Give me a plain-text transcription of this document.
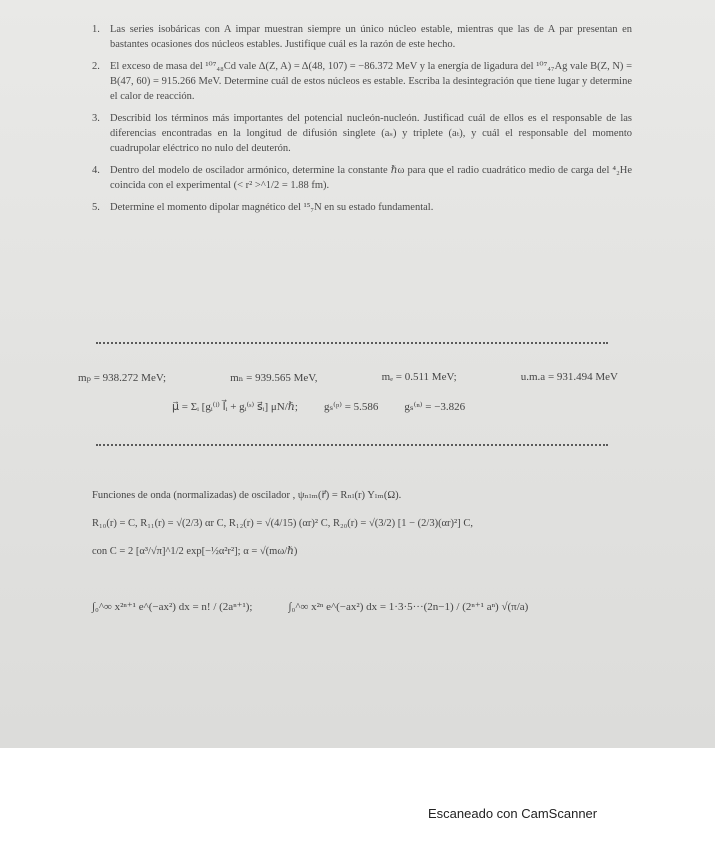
1. Las series isobáricas con A impar muestran siempre un único núcleo estable, mientras que las de A par presentan en bastantes ocasiones dos núcleos estables. Justifique cuál es la razón de este hecho.
2. El exceso de masa del ¹⁰⁷₄₈Cd vale Δ(Z, A) = Δ(48, 107) = −86.372 MeV y la energía de ligadura del ¹⁰⁷₄₇Ag vale B(Z, N) = B(47, 60) = 915.266 MeV. Determine cuál de estos núcleos es estable. Escriba la desintegración que tiene lugar y determine el calor de reacción.
3. Describid los términos más importantes del potencial nucleón-nucleón. Justificad cuál de ellos es el responsable de las diferencias encontradas en la longitud de difusión singlete (aₛ) y triplete (aₜ), y cuál el responsable del momento cuadrupolar eléctrico no nulo del deuterón.
4. Dentro del modelo de oscilador armónico, determine la constante ℏω para que el radio cuadrático medio de carga del ⁴₂He coincida con el experimental (< r² >^1/2 = 1.88 fm).
5. Determine el momento dipolar magnético del ¹⁵₇N en su estado fundamental.
mₚ = 938.272 MeV;	mₙ = 939.565 MeV,	mₑ = 0.511 MeV;	u.m.a = 931.494 MeV
μ⃗ = Σᵢ [gᵢ⁽ˡ⁾ l⃗ᵢ + gᵢ⁽ˢ⁾ s⃗ᵢ] μN/ℏ; gₛ⁽ᵖ⁾ = 5.586 gₛ⁽ⁿ⁾ = −3.826

Funciones de onda (normalizadas) de oscilador , ψₙₗₘ(r⃗) = Rₙₗ(r) Yₗₘ(Ω).

R₁₀(r) = C, R₁₁(r) = √(2/3) αr C, R₁₂(r) = √(4/15) (αr)² C, R₂₀(r) = √(3/2) [1 − (2/3)(αr)²] C,

con C = 2 [α³/√π]^1/2 exp[−½α²r²]; α = √(mω/ℏ)

∫₀^∞ x²ⁿ⁺¹ e^(−ax²) dx = n! / (2aⁿ⁺¹);	∫₀^∞ x²ⁿ e^(−ax²) dx = 1·3·5···(2n−1) / (2ⁿ⁺¹ aⁿ) √(π/a)
Escaneado con CamScanner
